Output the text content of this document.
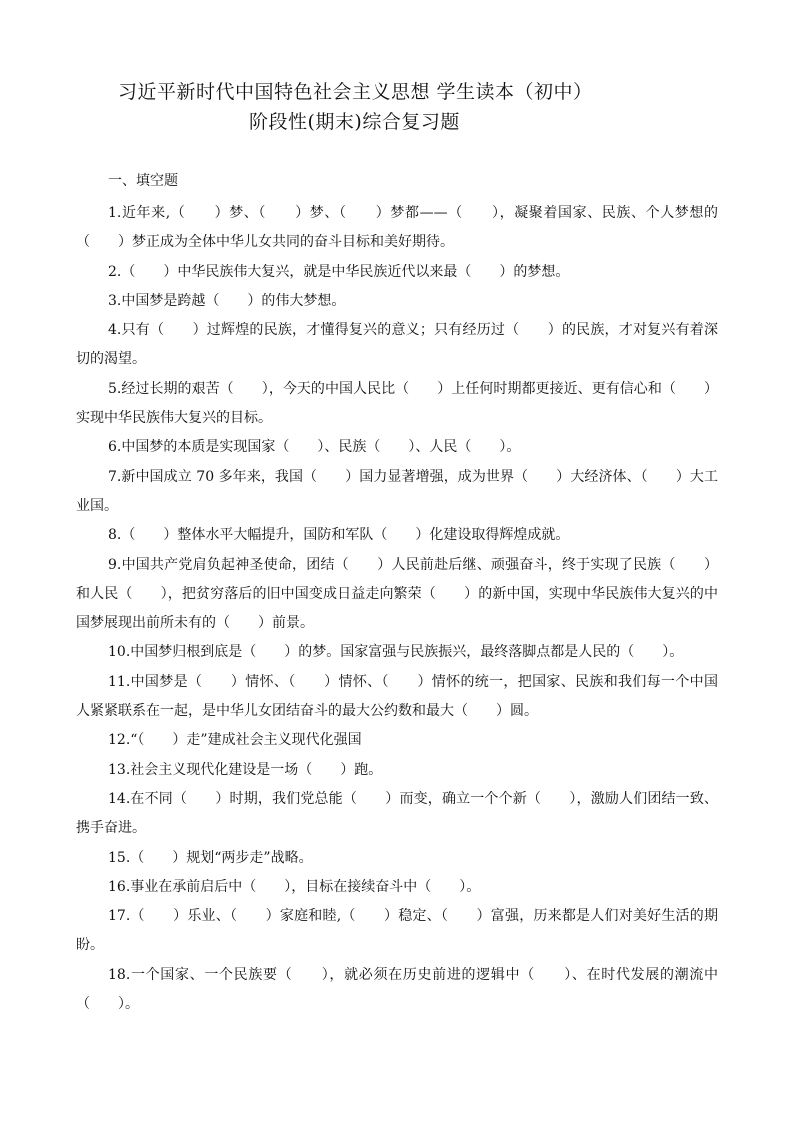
习近平新时代中国特色社会主义思想 学生读本（初中）
阶段性(期末)综合复习题
一、填空题

1.近年来,（　　）梦、（　　）梦、（　　）梦都——（　　），凝聚着国家、民族、个人梦想的（　　）梦正成为全体中华儿女共同的奋斗目标和美好期待。

2.（　　）中华民族伟大复兴，就是中华民族近代以来最（　　）的梦想。

3.中国梦是跨越（　　）的伟大梦想。

4.只有（　　）过辉煌的民族，才懂得复兴的意义；只有经历过（　　）的民族，才对复兴有着深切的渴望。

5.经过长期的艰苦（　　），今天的中国人民比（　　）上任何时期都更接近、更有信心和（　　）实现中华民族伟大复兴的目标。

6.中国梦的本质是实现国家（　　）、民族（　　）、人民（　　）。

7.新中国成立 70 多年来，我国（　　）国力显著增强，成为世界（　　）大经济体、（　　）大工业国。

8.（　　）整体水平大幅提升，国防和军队（　　）化建设取得辉煌成就。

9.中国共产党肩负起神圣使命，团结（　　）人民前赴后继、顽强奋斗，终于实现了民族（　　）和人民（　　），把贫穷落后的旧中国变成日益走向繁荣（　　）的新中国，实现中华民族伟大复兴的中国梦展现出前所未有的（　　）前景。

10.中国梦归根到底是（　　）的梦。国家富强与民族振兴，最终落脚点都是人民的（　　）。

11.中国梦是（　　）情怀、（　　）情怀、（　　）情怀的统一，把国家、民族和我们每一个中国人紧紧联系在一起，是中华儿女团结奋斗的最大公约数和最大（　　）圆。

12.“（　　）走”建成社会主义现代化强国

13.社会主义现代化建设是一场（　　）跑。

14.在不同（　　）时期，我们党总能（　　）而变，确立一个个新（　　），激励人们团结一致、携手奋进。

15.（　　）规划“两步走”战略。

16.事业在承前启后中（　　），目标在接续奋斗中（　　）。

17.（　　）乐业、（　　）家庭和睦,（　　）稳定、（　　）富强，历来都是人们对美好生活的期盼。

18.一个国家、一个民族要（　　），就必须在历史前进的逻辑中（　　）、在时代发展的潮流中（　　）。
